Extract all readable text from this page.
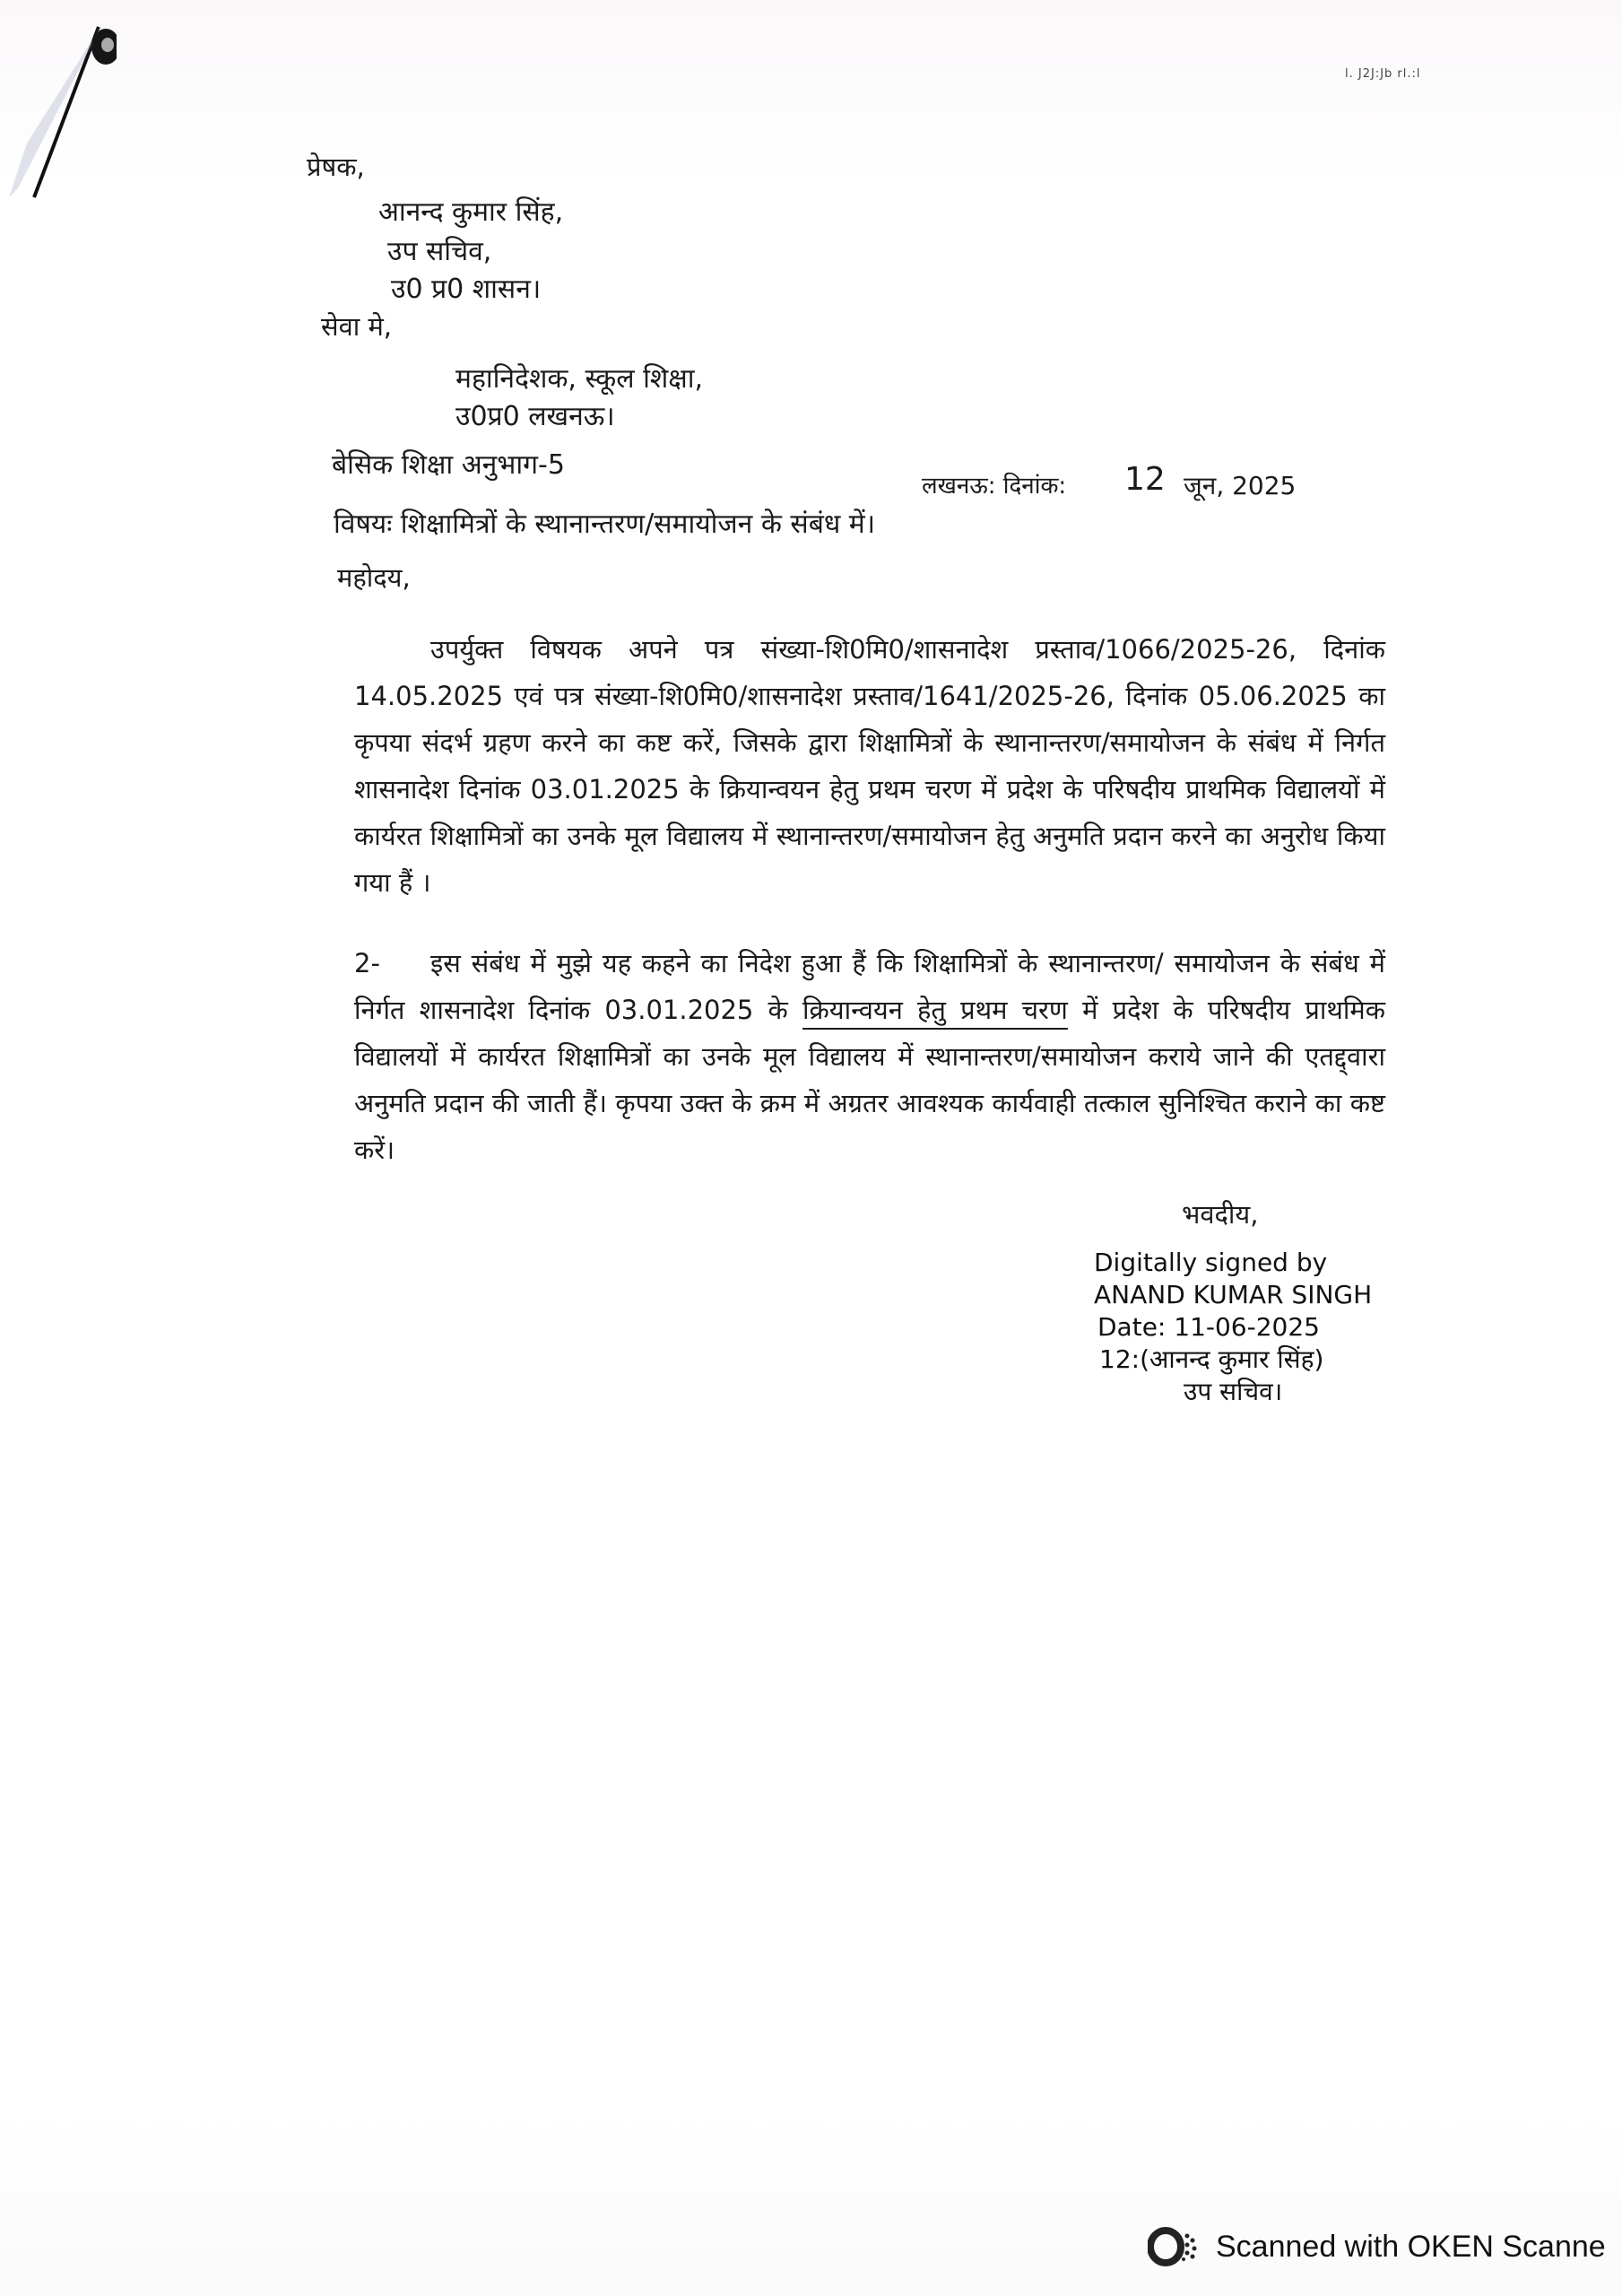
l. J2J:Jb rl.:l
प्रेषक,
आनन्द कुमार सिंह,
उप सचिव,
उ0 प्र0 शासन।
सेवा मे,
महानिदेशक, स्कूल शिक्षा,
उ0प्र0 लखनऊ।
बेसिक शिक्षा अनुभाग-5
लखनऊ: दिनांक: 12 जून, 2025
विषयः शिक्षामित्रों के स्थानान्तरण/समायोजन के संबंध में।
महोदय,
उपर्युक्त विषयक अपने पत्र संख्या-शि0मि0/शासनादेश प्रस्ताव/1066/2025-26, दिनांक 14.05.2025 एवं पत्र संख्या-शि0मि0/शासनादेश प्रस्ताव/1641/2025-26, दिनांक 05.06.2025 का कृपया संदर्भ ग्रहण करने का कष्ट करें, जिसके द्वारा शिक्षामित्रों के स्थानान्तरण/समायोजन के संबंध में निर्गत शासनादेश दिनांक 03.01.2025 के क्रियान्वयन हेतु प्रथम चरण में प्रदेश के परिषदीय प्राथमिक विद्यालयों में कार्यरत शिक्षामित्रों का उनके मूल विद्यालय में स्थानान्तरण/समायोजन हेतु अनुमति प्रदान करने का अनुरोध किया गया हैं ।
2- इस संबंध में मुझे यह कहने का निदेश हुआ हैं कि शिक्षामित्रों के स्थानान्तरण/ समायोजन के संबंध में निर्गत शासनादेश दिनांक 03.01.2025 के क्रियान्वयन हेतु प्रथम चरण में प्रदेश के परिषदीय प्राथमिक विद्यालयों में कार्यरत शिक्षामित्रों का उनके मूल विद्यालय में स्थानान्तरण/समायोजन कराये जाने की एतद्द्वारा अनुमति प्रदान की जाती हैं। कृपया उक्त के क्रम में अग्रतर आवश्यक कार्यवाही तत्काल सुनिश्चित कराने का कष्ट करें।
भवदीय,
Digitally signed by
ANAND KUMAR SINGH
Date: 11-06-2025
12:(आनन्द कुमार सिंह)
उप सचिव।
Scanned with OKEN Scanne
